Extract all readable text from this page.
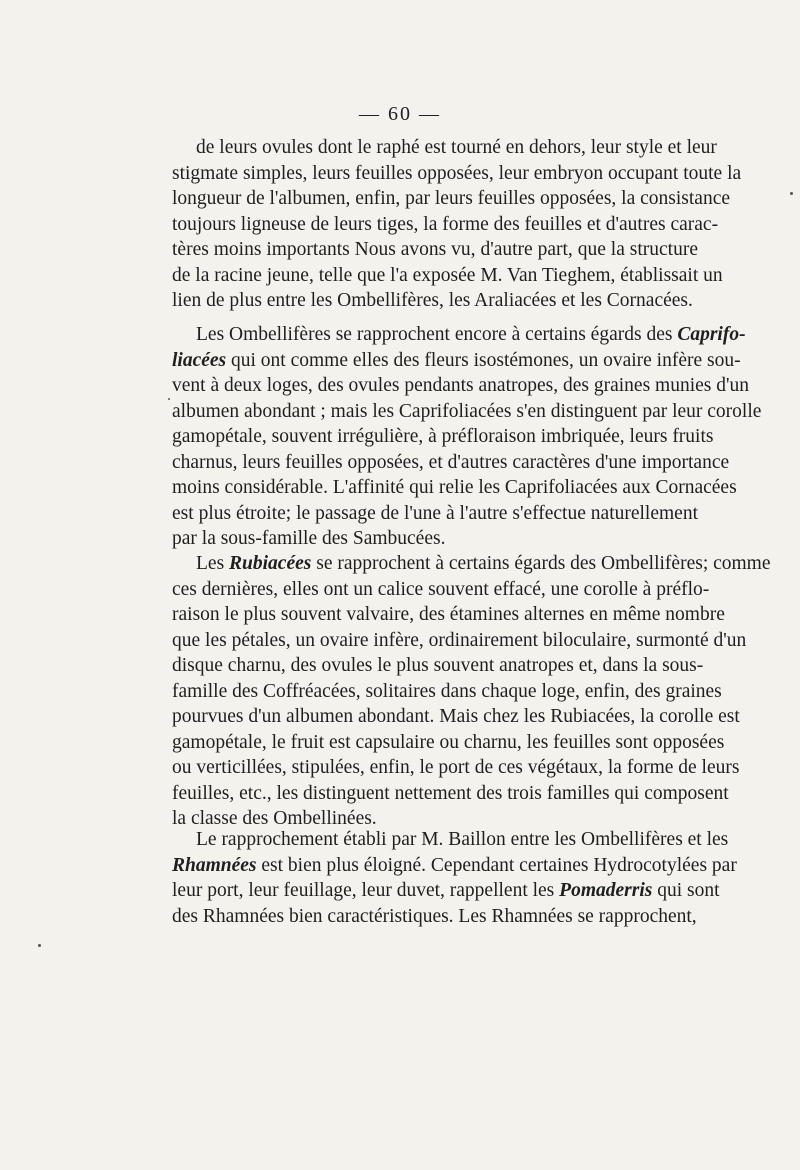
— 60 —
de leurs ovules dont le raphé est tourné en dehors, leur style et leur
stigmate simples, leurs feuilles opposées, leur embryon occupant toute la
longueur de l'albumen, enfin, par leurs feuilles opposées, la consistance
toujours ligneuse de leurs tiges, la forme des feuilles et d'autres carac-
tères moins importants Nous avons vu, d'autre part, que la structure
de la racine jeune, telle que l'a exposée M. Van Tieghem, établissait un
lien de plus entre les Ombellifères, les Araliacées et les Cornacées.
Les Ombellifères se rapprochent encore à certains égards des Caprifo-
liacées qui ont comme elles des fleurs isostémones, un ovaire infère sou-
vent à deux loges, des ovules pendants anatropes, des graines munies d'un
albumen abondant ; mais les Caprifoliacées s'en distinguent par leur corolle
gamopétale, souvent irrégulière, à préfloraison imbriquée, leurs fruits
charnus, leurs feuilles opposées, et d'autres caractères d'une importance
moins considérable. L'affinité qui relie les Caprifoliacées aux Cornacées
est plus étroite; le passage de l'une à l'autre s'effectue naturellement
par la sous-famille des Sambucées.
Les Rubiacées se rapprochent à certains égards des Ombellifères; comme
ces dernières, elles ont un calice souvent effacé, une corolle à préflo-
raison le plus souvent valvaire, des étamines alternes en même nombre
que les pétales, un ovaire infère, ordinairement biloculaire, surmonté d'un
disque charnu, des ovules le plus souvent anatropes et, dans la sous-
famille des Coffréacées, solitaires dans chaque loge, enfin, des graines
pourvues d'un albumen abondant. Mais chez les Rubiacées, la corolle est
gamopétale, le fruit est capsulaire ou charnu, les feuilles sont opposées
ou verticillées, stipulées, enfin, le port de ces végétaux, la forme de leurs
feuilles, etc., les distinguent nettement des trois familles qui composent
la classe des Ombellinées.
Le rapprochement établi par M. Baillon entre les Ombellifères et les
Rhamnées est bien plus éloigné. Cependant certaines Hydrocotylées par
leur port, leur feuillage, leur duvet, rappellent les Pomaderris qui sont
des Rhamnées bien caractéristiques. Les Rhamnées se rapprochent,
